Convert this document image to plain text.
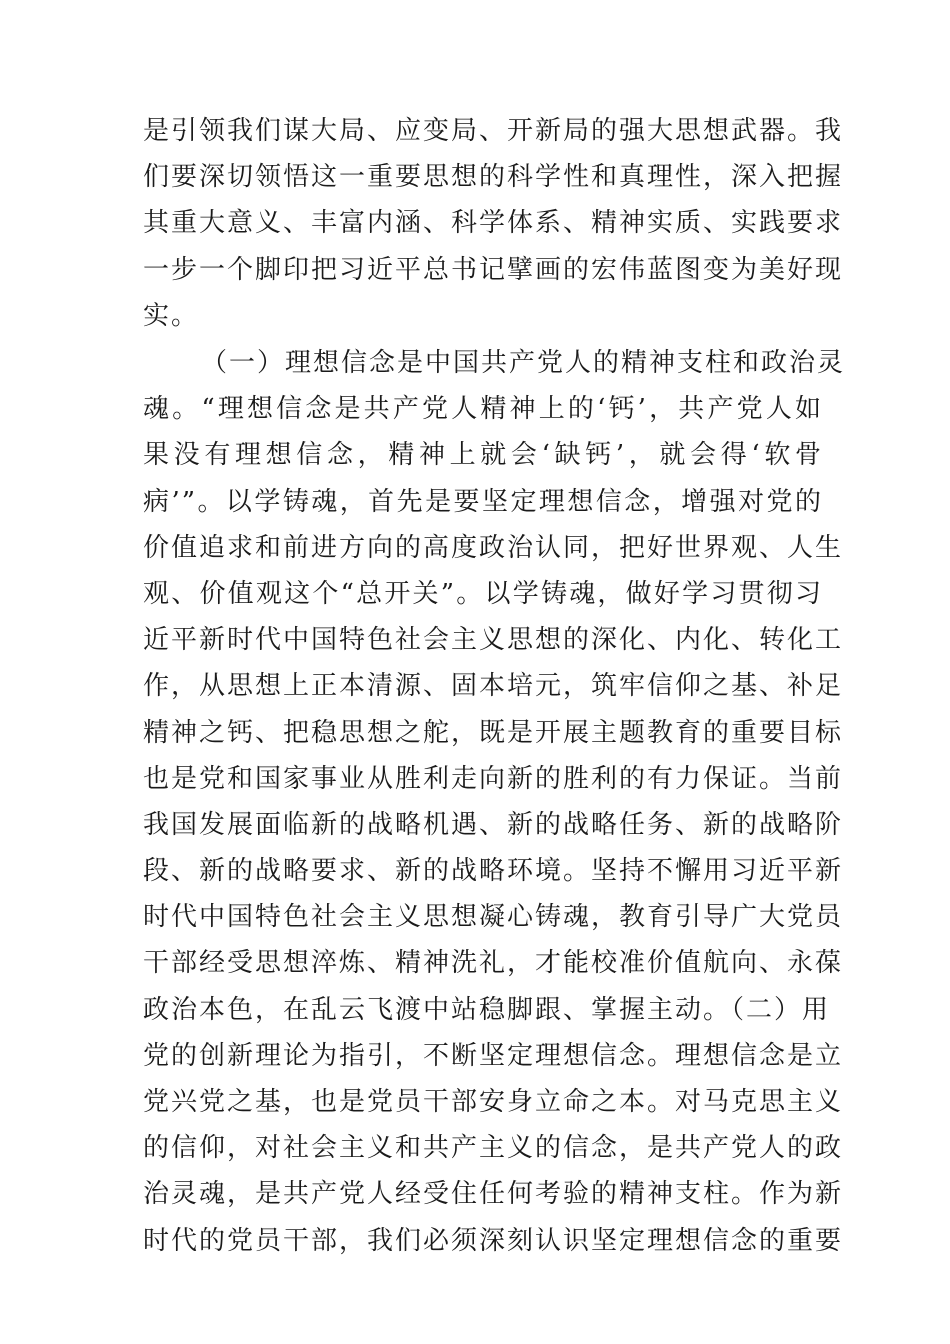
是引领我们谋大局、应变局、开新局的强大思想武器。我
们要深切领悟这一重要思想的科学性和真理性，深入把握
其重大意义、丰富内涵、科学体系、精神实质、实践要求
一步一个脚印把习近平总书记擘画的宏伟蓝图变为美好现
实。
（一）理想信念是中国共产党人的精神支柱和政治灵
魂。“理想信念是共产党人精神上的‘钙’，共产党人如
果没有理想信念，精神上就会‘缺钙’，就会得‘软骨
病’”。以学铸魂，首先是要坚定理想信念，增强对党的
价值追求和前进方向的高度政治认同，把好世界观、人生
观、价值观这个“总开关”。以学铸魂，做好学习贯彻习
近平新时代中国特色社会主义思想的深化、内化、转化工
作，从思想上正本清源、固本培元，筑牢信仰之基、补足
精神之钙、把稳思想之舵，既是开展主题教育的重要目标
也是党和国家事业从胜利走向新的胜利的有力保证。当前
我国发展面临新的战略机遇、新的战略任务、新的战略阶
段、新的战略要求、新的战略环境。坚持不懈用习近平新
时代中国特色社会主义思想凝心铸魂，教育引导广大党员
干部经受思想淬炼、精神洗礼，才能校准价值航向、永葆
政治本色，在乱云飞渡中站稳脚跟、掌握主动。（二）用
党的创新理论为指引，不断坚定理想信念。理想信念是立
党兴党之基，也是党员干部安身立命之本。对马克思主义
的信仰，对社会主义和共产主义的信念，是共产党人的政
治灵魂，是共产党人经受住任何考验的精神支柱。作为新
时代的党员干部，我们必须深刻认识坚定理想信念的重要
